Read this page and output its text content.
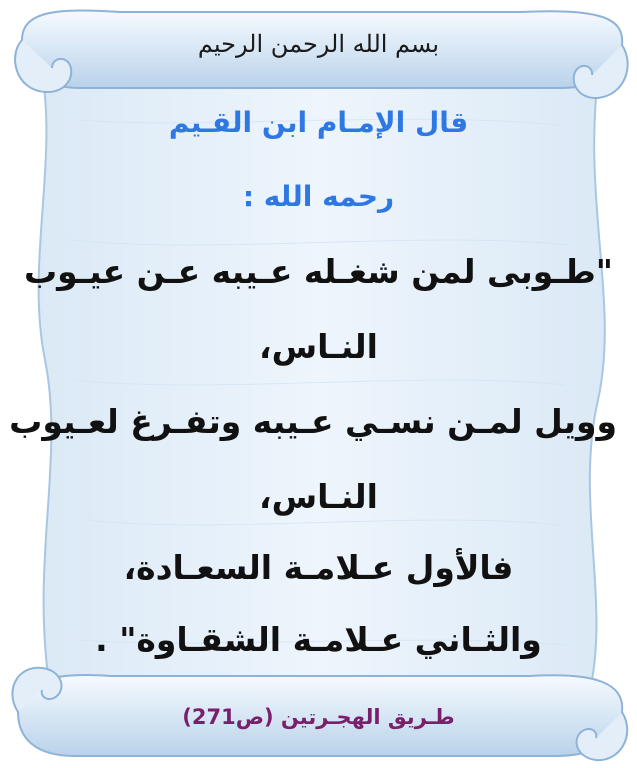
بسم الله الرحمن الرحيم
قال الإمـام ابن القـيم
رحمه الله :
"طـوبى لمن شغـله عـيبه عـن عيـوب
النـاس،
وويل لمـن نسـي عـيبه وتفـرغ لعـيوب
النـاس،
فالأول عـلامـة السعـادة،
والثـاني عـلامـة الشقـاوة" .
طـريق الهجـرتين (ص271)
